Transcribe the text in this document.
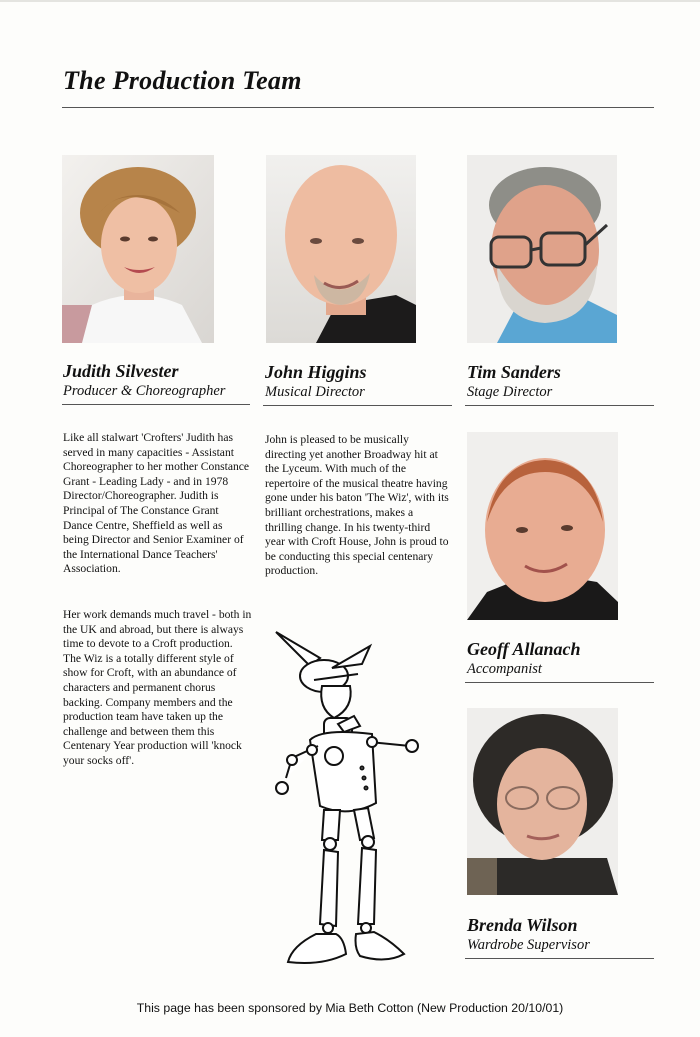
The Production Team
Judith Silvester

Producer & Choreographer

John Higgins

Musical Director

Tim Sanders

Stage Director

Geoff Allanach

Accompanist

Brenda Wilson

Wardrobe Supervisor

Like all stalwart 'Crofters' Judith has served in many capacities - Assistant Choreographer to her mother Constance Grant - Leading Lady - and in 1978 Director/Choreographer. Judith is Principal of The Constance Grant Dance Centre, Sheffield as well as being Director and Senior Examiner of the International Dance Teachers' Association.

Her work demands much travel - both in the UK and abroad, but there is always time to devote to a Croft production. The Wiz is a totally different style of show for Croft, with an abundance of characters and permanent chorus backing. Company members and the production team have taken up the challenge and between them this Centenary Year production will 'knock your socks off'.

John is pleased to be musically directing yet another Broadway hit at the Lyceum. With much of the repertoire of the musical theatre having gone under his baton 'The Wiz', with its brilliant orchestrations, makes a thrilling change. In his twenty-third year with Croft House, John is proud to be conducting this special centenary production.

This page has been sponsored by Mia Beth Cotton (New Production 20/10/01)
